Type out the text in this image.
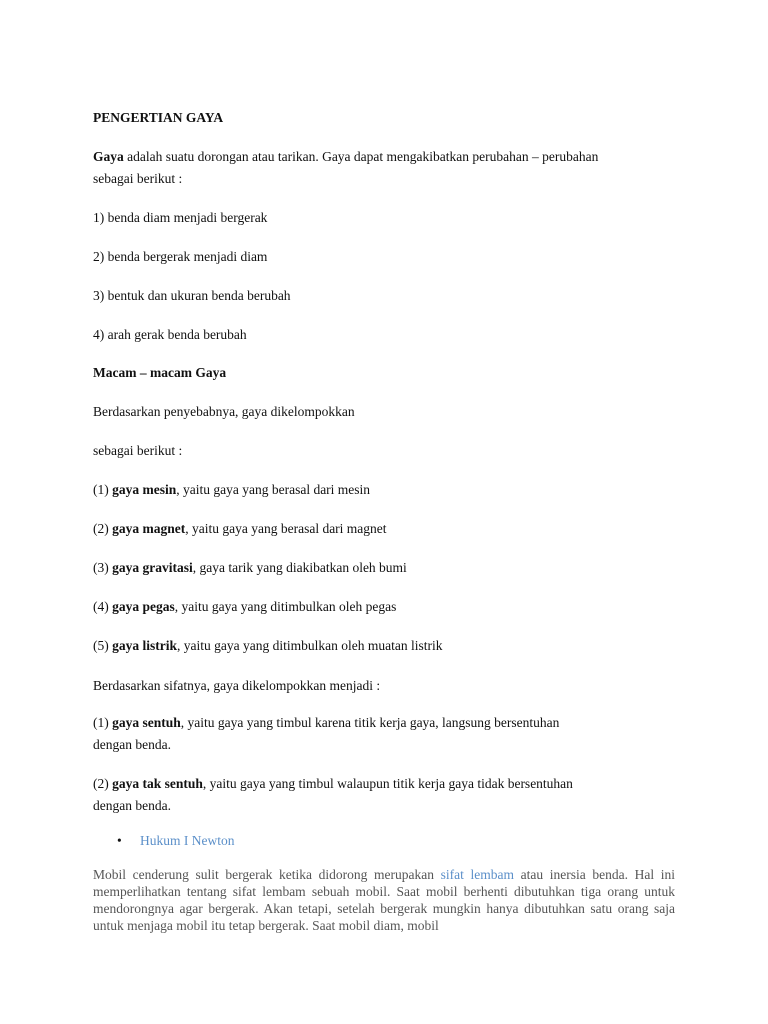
PENGERTIAN GAYA

Gaya adalah suatu dorongan atau tarikan. Gaya dapat mengakibatkan perubahan – perubahan
sebagai berikut :

1) benda diam menjadi bergerak

2) benda bergerak menjadi diam

3) bentuk dan ukuran benda berubah

4) arah gerak benda berubah

Macam – macam Gaya

Berdasarkan penyebabnya, gaya dikelompokkan

sebagai berikut :

(1) gaya mesin, yaitu gaya yang berasal dari mesin

(2) gaya magnet, yaitu gaya yang berasal dari magnet

(3) gaya gravitasi, gaya tarik yang diakibatkan oleh bumi

(4) gaya pegas, yaitu gaya yang ditimbulkan oleh pegas

(5) gaya listrik, yaitu gaya yang ditimbulkan oleh muatan listrik

Berdasarkan sifatnya, gaya dikelompokkan menjadi :

(1) gaya sentuh, yaitu gaya yang timbul karena titik kerja gaya, langsung bersentuhan
dengan benda.

(2) gaya tak sentuh, yaitu gaya yang timbul walaupun titik kerja gaya tidak bersentuhan
dengan benda.

• Hukum I Newton

Mobil cenderung sulit bergerak ketika didorong merupakan sifat lembam atau inersia benda. Hal ini memperlihatkan tentang sifat lembam sebuah mobil. Saat mobil berhenti dibutuhkan tiga orang untuk mendorongnya agar bergerak. Akan tetapi, setelah bergerak mungkin hanya dibutuhkan satu orang saja untuk menjaga mobil itu tetap bergerak. Saat mobil diam, mobil
